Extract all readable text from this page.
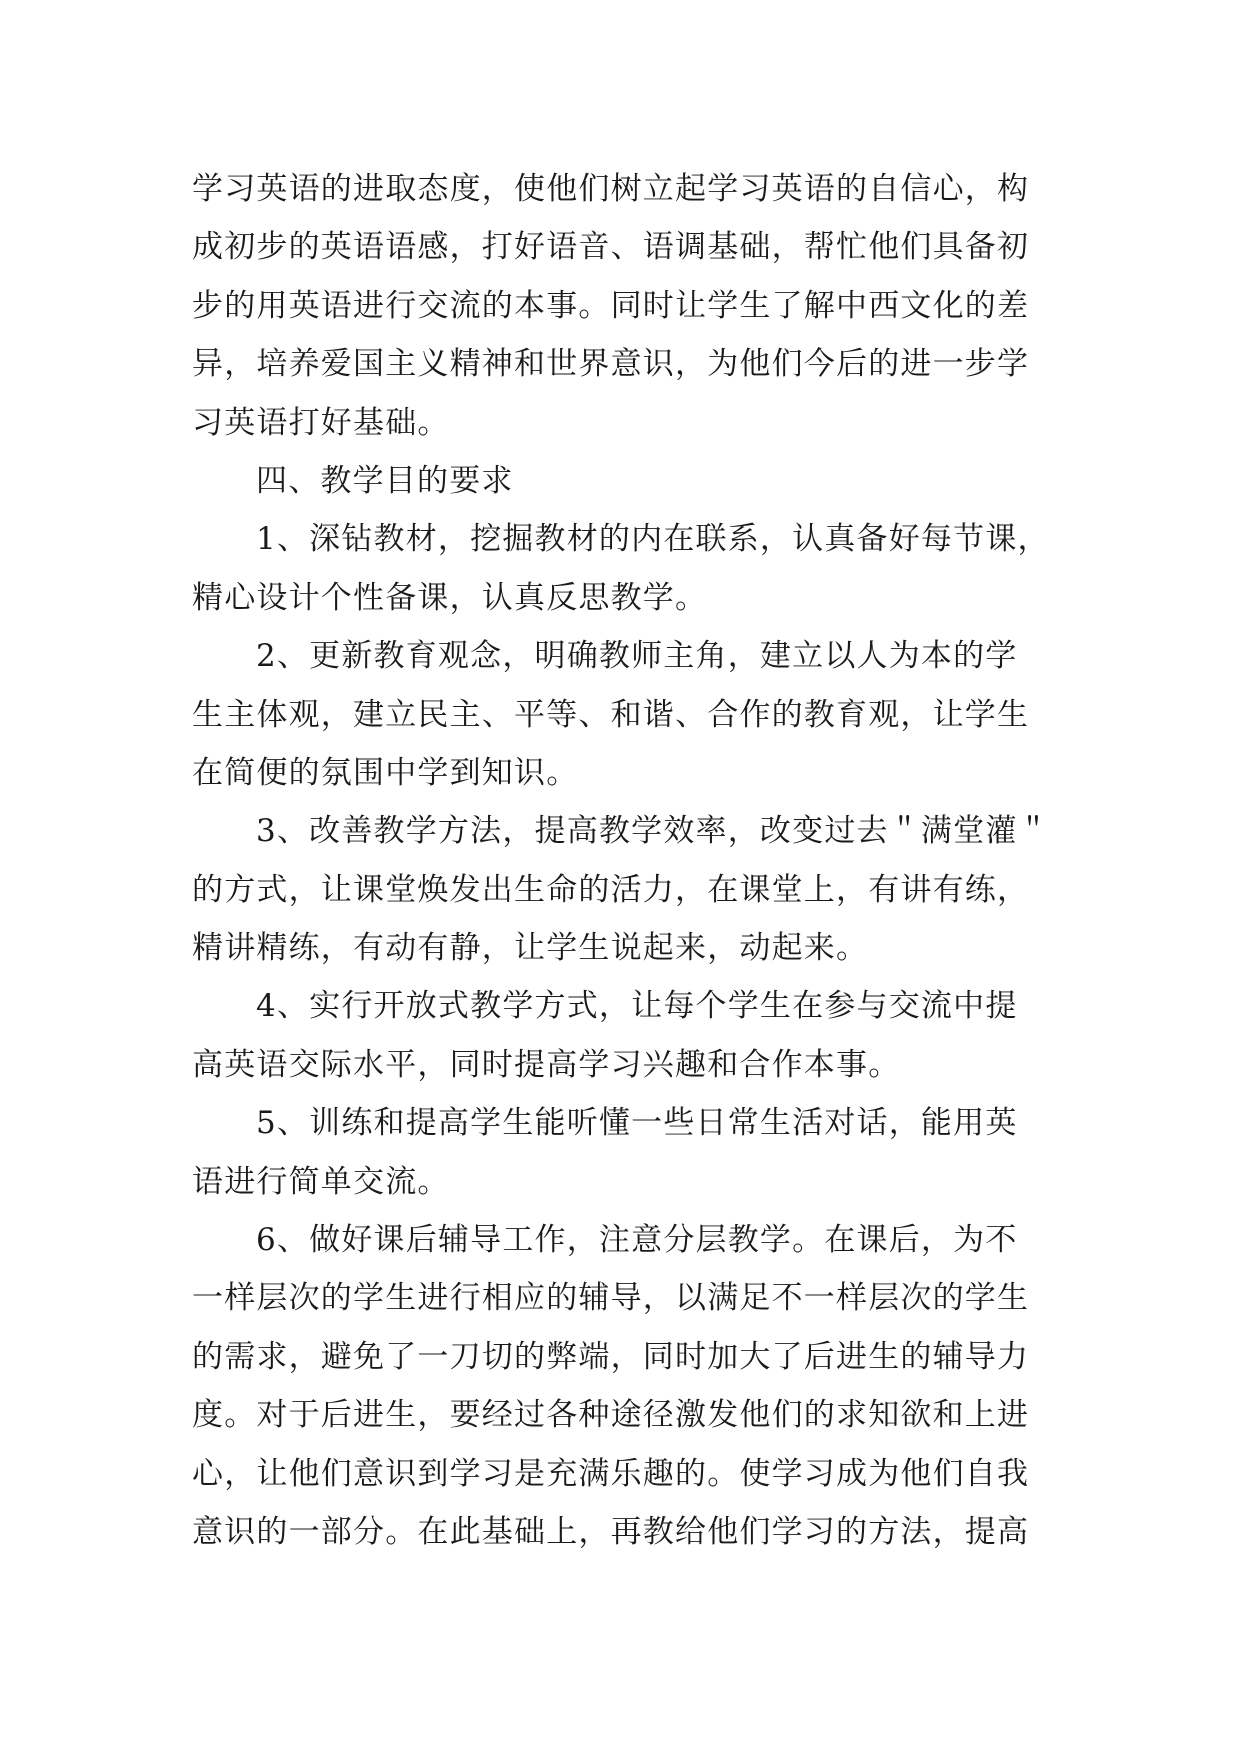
学习英语的进取态度，使他们树立起学习英语的自信心，构
成初步的英语语感，打好语音、语调基础，帮忙他们具备初
步的用英语进行交流的本事。同时让学生了解中西文化的差
异，培养爱国主义精神和世界意识，为他们今后的进一步学
习英语打好基础。
四、教学目的要求
1、深钻教材，挖掘教材的内在联系，认真备好每节课，
精心设计个性备课，认真反思教学。
2、更新教育观念，明确教师主角，建立以人为本的学
生主体观，建立民主、平等、和谐、合作的教育观，让学生
在简便的氛围中学到知识。
3、改善教学方法，提高教学效率，改变过去＂满堂灌＂
的方式，让课堂焕发出生命的活力，在课堂上，有讲有练，
精讲精练，有动有静，让学生说起来，动起来。
4、实行开放式教学方式，让每个学生在参与交流中提
高英语交际水平，同时提高学习兴趣和合作本事。
5、训练和提高学生能听懂一些日常生活对话，能用英
语进行简单交流。
6、做好课后辅导工作，注意分层教学。在课后，为不
一样层次的学生进行相应的辅导，以满足不一样层次的学生
的需求，避免了一刀切的弊端，同时加大了后进生的辅导力
度。对于后进生，要经过各种途径激发他们的求知欲和上进
心，让他们意识到学习是充满乐趣的。使学习成为他们自我
意识的一部分。在此基础上，再教给他们学习的方法，提高
